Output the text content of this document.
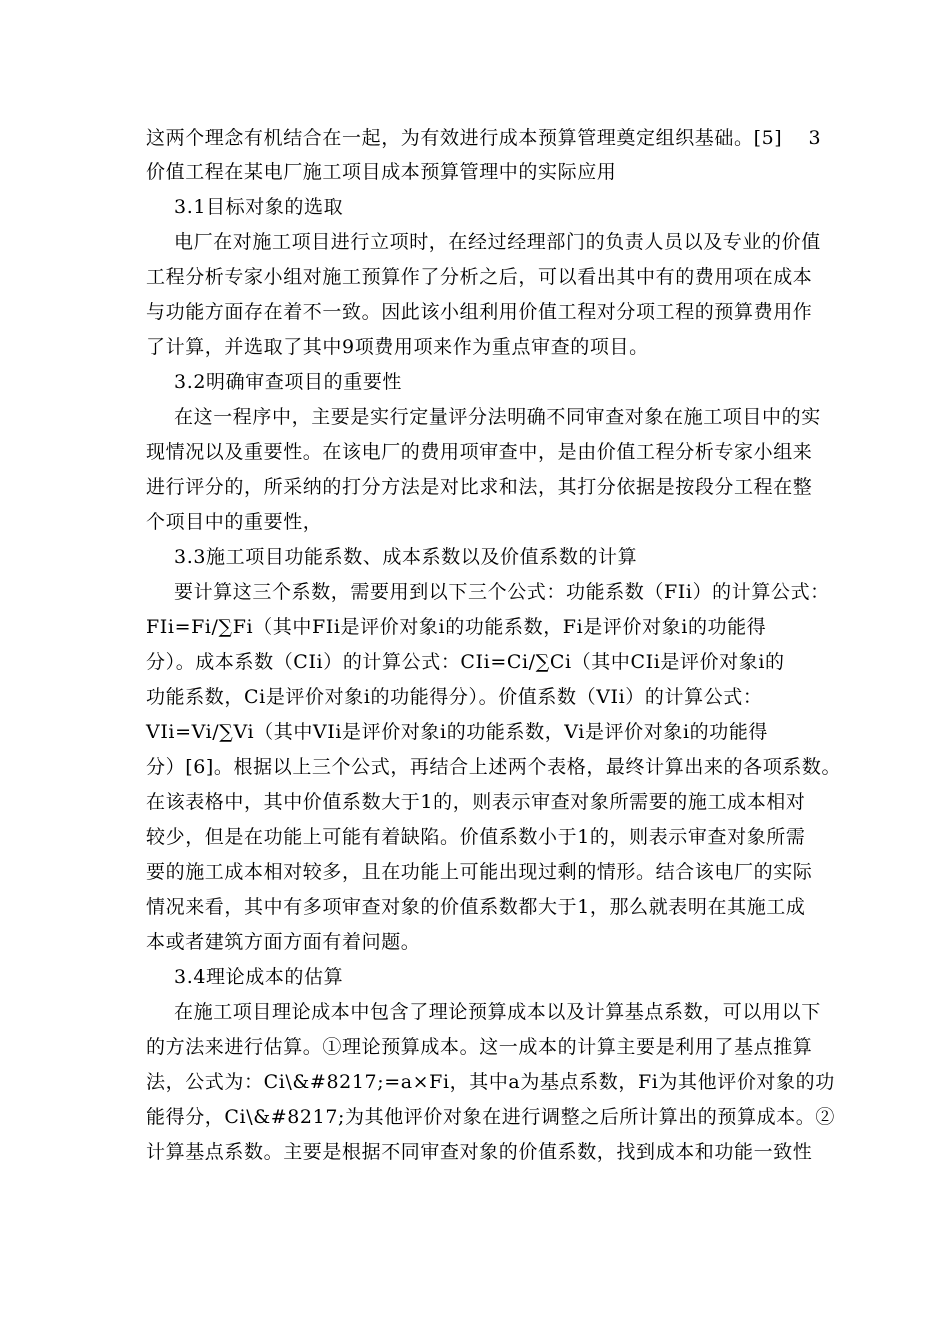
这两个理念有机结合在一起，为有效进行成本预算管理奠定组织基础。[5]　 3
价值工程在某电厂施工项目成本预算管理中的实际应用
3.1目标对象的选取
电厂在对施工项目进行立项时，在经过经理部门的负责人员以及专业的价值
工程分析专家小组对施工预算作了分析之后，可以看出其中有的费用项在成本
与功能方面存在着不一致。因此该小组利用价值工程对分项工程的预算费用作
了计算，并选取了其中9项费用项来作为重点审查的项目。
3.2明确审查项目的重要性
在这一程序中，主要是实行定量评分法明确不同审查对象在施工项目中的实
现情况以及重要性。在该电厂的费用项审查中，是由价值工程分析专家小组来
进行评分的，所采纳的打分方法是对比求和法，其打分依据是按段分工程在整
个项目中的重要性，
3.3施工项目功能系数、成本系数以及价值系数的计算
要计算这三个系数，需要用到以下三个公式：功能系数（FIi）的计算公式：
FIi=Fi/∑Fi（其中FIi是评价对象i的功能系数，Fi是评价对象i的功能得
分）。成本系数（CIi）的计算公式：CIi=Ci/∑Ci（其中CIi是评价对象i的
功能系数，Ci是评价对象i的功能得分）。价值系数（VIi）的计算公式：
VIi=Vi/∑Vi（其中VIi是评价对象i的功能系数，Vi是评价对象i的功能得
分）[6]。根据以上三个公式，再结合上述两个表格，最终计算出来的各项系数。
在该表格中，其中价值系数大于1的，则表示审查对象所需要的施工成本相对
较少，但是在功能上可能有着缺陷。价值系数小于1的，则表示审查对象所需
要的施工成本相对较多，且在功能上可能出现过剩的情形。结合该电厂的实际
情况来看，其中有多项审查对象的价值系数都大于1，那么就表明在其施工成
本或者建筑方面方面有着问题。
3.4理论成本的估算
在施工项目理论成本中包含了理论预算成本以及计算基点系数，可以用以下
的方法来进行估算。①理论预算成本。这一成本的计算主要是利用了基点推算
法，公式为：Ci\&#8217;=a×Fi，其中a为基点系数，Fi为其他评价对象的功
能得分，Ci\&#8217;为其他评价对象在进行调整之后所计算出的预算成本。②
计算基点系数。主要是根据不同审查对象的价值系数，找到成本和功能一致性
